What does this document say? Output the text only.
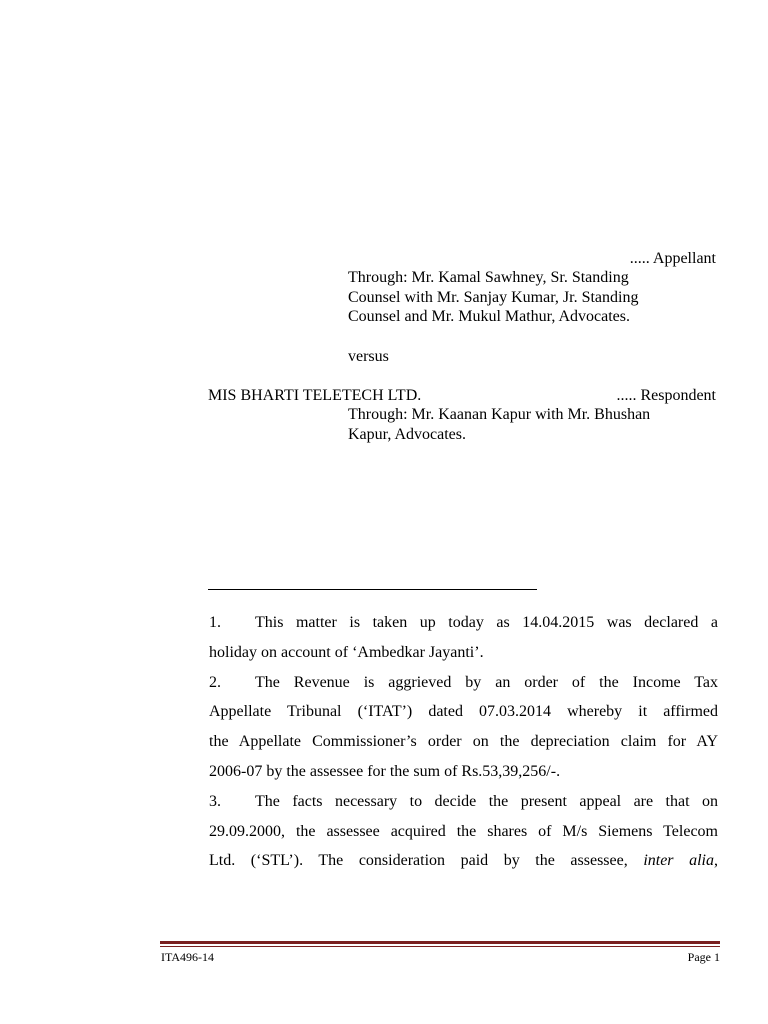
..... Appellant
Through: Mr. Kamal Sawhney, Sr. Standing
Counsel with Mr. Sanjay Kumar, Jr. Standing
Counsel and Mr. Mukul Mathur, Advocates.
versus
MIS BHARTI TELETECH LTD.	..... Respondent
Through: Mr. Kaanan Kapur with Mr. Bhushan
Kapur, Advocates.

1. This matter is taken up today as 14.04.2015 was declared a

holiday on account of ‘Ambedkar Jayanti’.

2. The Revenue is aggrieved by an order of the Income Tax

Appellate Tribunal (‘ITAT’) dated 07.03.2014 whereby it affirmed

the Appellate Commissioner’s order on the depreciation claim for AY

2006-07 by the assessee for the sum of Rs.53,39,256/-.

3. The facts necessary to decide the present appeal are that on

29.09.2000, the assessee acquired the shares of M/s Siemens Telecom

Ltd. (‘STL’). The consideration paid by the assessee, inter alia,

ITA496-14	Page 1
